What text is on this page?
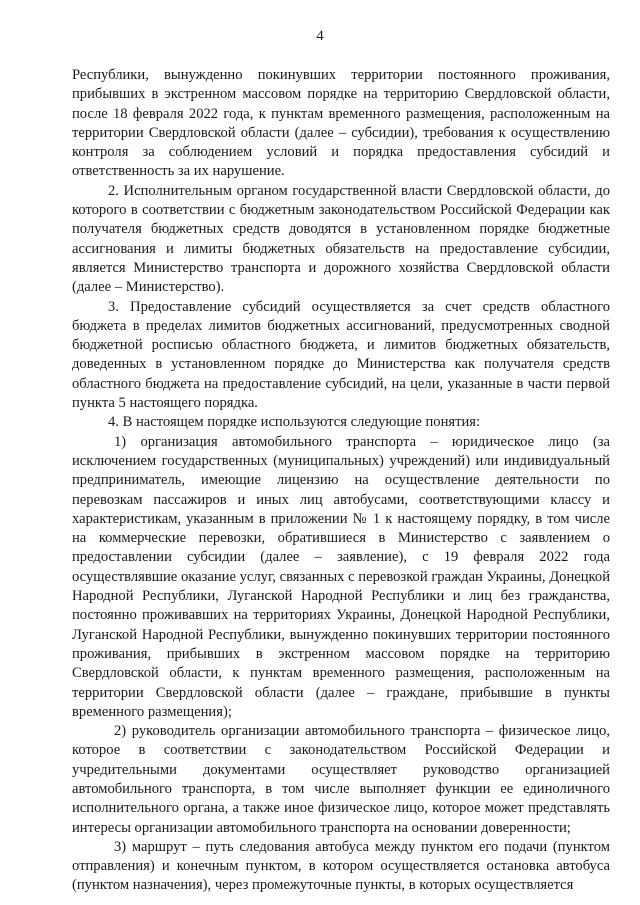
4

Республики, вынужденно покинувших территории постоянного проживания, прибывших в экстренном массовом порядке на территорию Свердловской области, после 18 февраля 2022 года, к пунктам временного размещения, расположенным на территории Свердловской области (далее – субсидии), требования к осуществлению контроля за соблюдением условий и порядка предоставления субсидий и ответственность за их нарушение.

2. Исполнительным органом государственной власти Свердловской области, до которого в соответствии с бюджетным законодательством Российской Федерации как получателя бюджетных средств доводятся в установленном порядке бюджетные ассигнования и лимиты бюджетных обязательств на предоставление субсидии, является Министерство транспорта и дорожного хозяйства Свердловской области (далее – Министерство).

3. Предоставление субсидий осуществляется за счет средств областного бюджета в пределах лимитов бюджетных ассигнований, предусмотренных сводной бюджетной росписью областного бюджета, и лимитов бюджетных обязательств, доведенных в установленном порядке до Министерства как получателя средств областного бюджета на предоставление субсидий, на цели, указанные в части первой пункта 5 настоящего порядка.

4. В настоящем порядке используются следующие понятия:

1) организация автомобильного транспорта – юридическое лицо (за исключением государственных (муниципальных) учреждений) или индивидуальный предприниматель, имеющие лицензию на осуществление деятельности по перевозкам пассажиров и иных лиц автобусами, соответствующими классу и характеристикам, указанным в приложении № 1 к настоящему порядку, в том числе на коммерческие перевозки, обратившиеся в Министерство с заявлением о предоставлении субсидии (далее – заявление), с 19 февраля 2022 года осуществлявшие оказание услуг, связанных с перевозкой граждан Украины, Донецкой Народной Республики, Луганской Народной Республики и лиц без гражданства, постоянно проживавших на территориях Украины, Донецкой Народной Республики, Луганской Народной Республики, вынужденно покинувших территории постоянного проживания, прибывших в экстренном массовом порядке на территорию Свердловской области, к пунктам временного размещения, расположенным на территории Свердловской области (далее – граждане, прибывшие в пункты временного размещения);

2) руководитель организации автомобильного транспорта – физическое лицо, которое в соответствии с законодательством Российской Федерации и учредительными документами осуществляет руководство организацией автомобильного транспорта, в том числе выполняет функции ее единоличного исполнительного органа, а также иное физическое лицо, которое может представлять интересы организации автомобильного транспорта на основании доверенности;

3) маршрут – путь следования автобуса между пунктом его подачи (пунктом отправления) и конечным пунктом, в котором осуществляется остановка автобуса (пунктом назначения), через промежуточные пункты, в которых осуществляется
